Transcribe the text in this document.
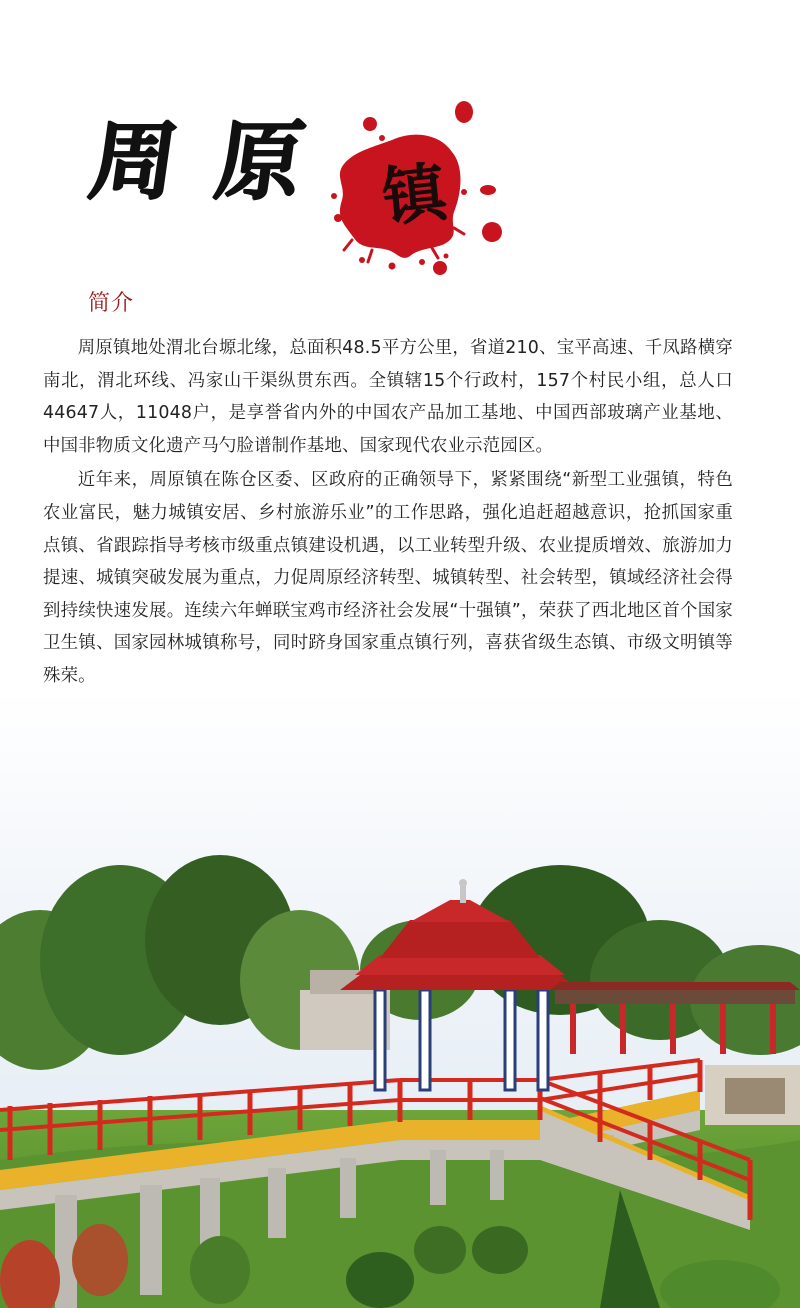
周 原	镇
简介

周原镇地处渭北台塬北缘，总面积48.5平方公里，省道210、宝平高速、千凤路横穿南北，渭北环线、冯家山干渠纵贯东西。全镇辖15个行政村，157个村民小组，总人口44647人，11048户，是享誉省内外的中国农产品加工基地、中国西部玻璃产业基地、中国非物质文化遗产马勺脸谱制作基地、国家现代农业示范园区。

近年来，周原镇在陈仓区委、区政府的正确领导下，紧紧围绕“新型工业强镇，特色农业富民，魅力城镇安居、乡村旅游乐业”的工作思路，强化追赶超越意识，抢抓国家重点镇、省跟踪指导考核市级重点镇建设机遇，以工业转型升级、农业提质增效、旅游加力提速、城镇突破发展为重点，力促周原经济转型、城镇转型、社会转型，镇域经济社会得到持续快速发展。连续六年蝉联宝鸡市经济社会发展“十强镇”，荣获了西北地区首个国家卫生镇、国家园林城镇称号，同时跻身国家重点镇行列，喜获省级生态镇、市级文明镇等殊荣。
